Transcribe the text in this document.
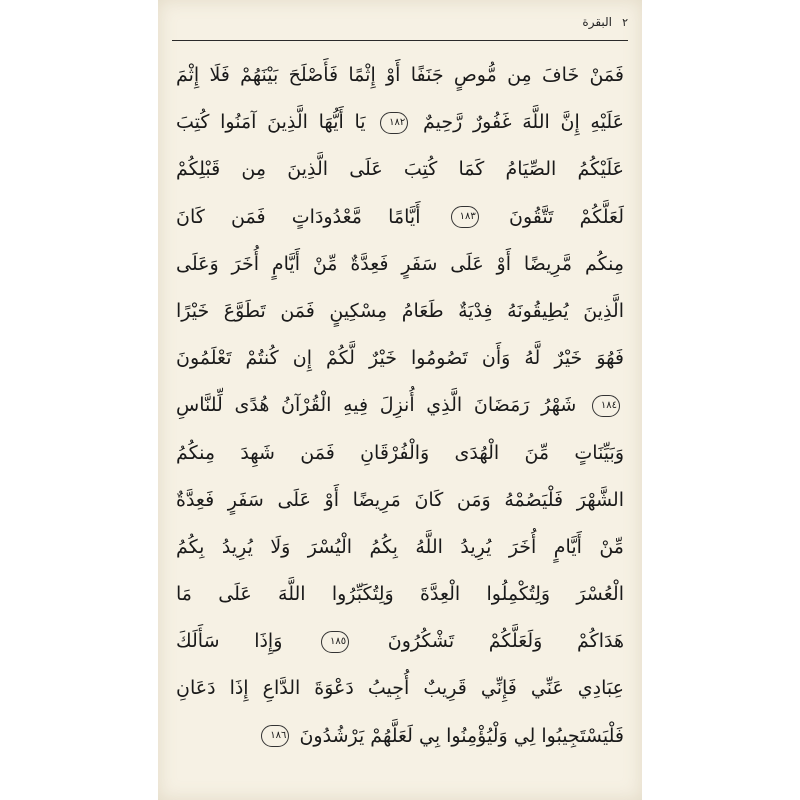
٢
البقرة
فَمَنْ خَافَ مِن مُّوصٍ جَنَفًا أَوْ إِثْمًا فَأَصْلَحَ بَيْنَهُمْ فَلَا إِثْمَ
عَلَيْهِ إِنَّ اللَّهَ غَفُورٌ رَّحِيمٌ ١٨٢ يَا أَيُّهَا الَّذِينَ آمَنُوا كُتِبَ
عَلَيْكُمُ الصِّيَامُ كَمَا كُتِبَ عَلَى الَّذِينَ مِن قَبْلِكُمْ
لَعَلَّكُمْ تَتَّقُونَ ١٨٣ أَيَّامًا مَّعْدُودَاتٍ فَمَن كَانَ
مِنكُم مَّرِيضًا أَوْ عَلَى سَفَرٍ فَعِدَّةٌ مِّنْ أَيَّامٍ أُخَرَ وَعَلَى
الَّذِينَ يُطِيقُونَهُ فِدْيَةٌ طَعَامُ مِسْكِينٍ فَمَن تَطَوَّعَ خَيْرًا
فَهُوَ خَيْرٌ لَّهُ وَأَن تَصُومُوا خَيْرٌ لَّكُمْ إِن كُنتُمْ تَعْلَمُونَ
١٨٤ شَهْرُ رَمَضَانَ الَّذِي أُنزِلَ فِيهِ الْقُرْآنُ هُدًى لِّلنَّاسِ
وَبَيِّنَاتٍ مِّنَ الْهُدَى وَالْفُرْقَانِ فَمَن شَهِدَ مِنكُمُ
الشَّهْرَ فَلْيَصُمْهُ وَمَن كَانَ مَرِيضًا أَوْ عَلَى سَفَرٍ فَعِدَّةٌ
مِّنْ أَيَّامٍ أُخَرَ يُرِيدُ اللَّهُ بِكُمُ الْيُسْرَ وَلَا يُرِيدُ بِكُمُ
الْعُسْرَ وَلِتُكْمِلُوا الْعِدَّةَ وَلِتُكَبِّرُوا اللَّهَ عَلَى مَا
هَدَاكُمْ وَلَعَلَّكُمْ تَشْكُرُونَ ١٨٥ وَإِذَا سَأَلَكَ
عِبَادِي عَنِّي فَإِنِّي قَرِيبٌ أُجِيبُ دَعْوَةَ الدَّاعِ إِذَا دَعَانِ
فَلْيَسْتَجِيبُوا لِي وَلْيُؤْمِنُوا بِي لَعَلَّهُمْ يَرْشُدُونَ ١٨٦
